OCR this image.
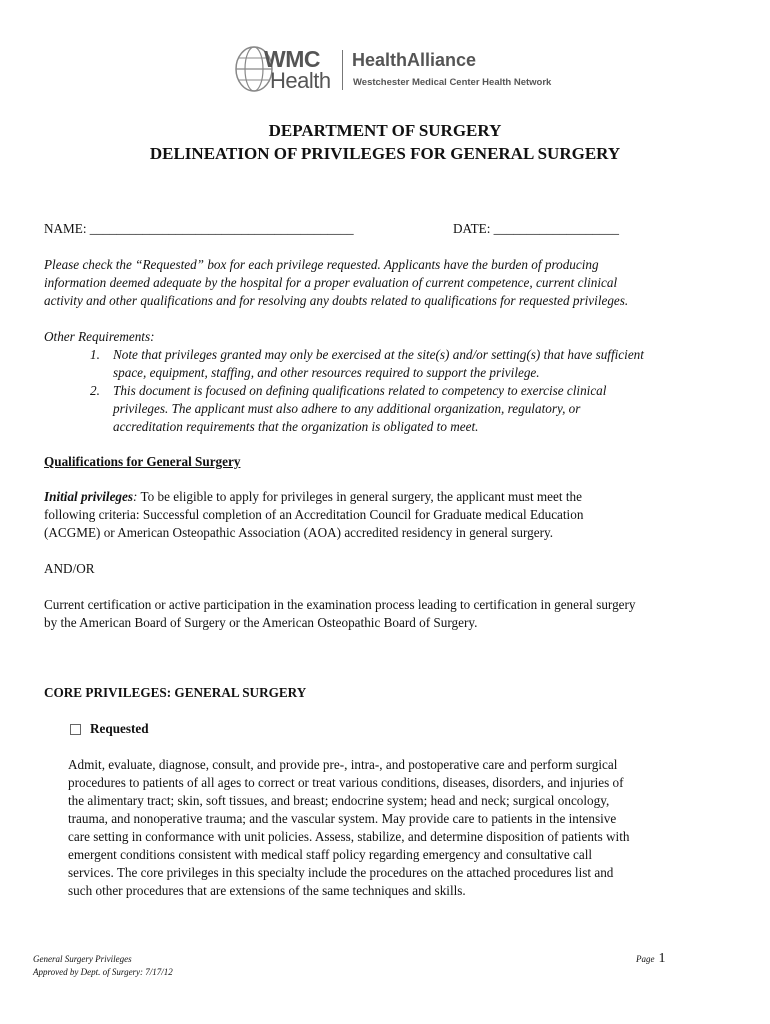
WMC
Health
HealthAlliance
Westchester Medical Center Health Network
DEPARTMENT OF SURGERY
DELINEATION OF PRIVILEGES FOR GENERAL SURGERY
NAME: ________________________________________	DATE: ___________________
Please check the “Requested” box for each privilege requested. Applicants have the burden of producing
information deemed adequate by the hospital for a proper evaluation of current competence, current clinical
activity and other qualifications and for resolving any doubts related to qualifications for requested privileges.
Other Requirements:
1. Note that privileges granted may only be exercised at the site(s) and/or setting(s) that have sufficient
space, equipment, staffing, and other resources required to support the privilege.
2. This document is focused on defining qualifications related to competency to exercise clinical
privileges. The applicant must also adhere to any additional organization, regulatory, or
accreditation requirements that the organization is obligated to meet.
Qualifications for General Surgery
Initial privileges: To be eligible to apply for privileges in general surgery, the applicant must meet the
following criteria: Successful completion of an Accreditation Council for Graduate medical Education
(ACGME) or American Osteopathic Association (AOA) accredited residency in general surgery.
AND/OR
Current certification or active participation in the examination process leading to certification in general surgery
by the American Board of Surgery or the American Osteopathic Board of Surgery.
CORE PRIVILEGES: GENERAL SURGERY
Requested
Admit, evaluate, diagnose, consult, and provide pre-, intra-, and postoperative care and perform surgical
procedures to patients of all ages to correct or treat various conditions, diseases, disorders, and injuries of
the alimentary tract; skin, soft tissues, and breast; endocrine system; head and neck; surgical oncology,
trauma, and nonoperative trauma; and the vascular system. May provide care to patients in the intensive
care setting in conformance with unit policies. Assess, stabilize, and determine disposition of patients with
emergent conditions consistent with medical staff policy regarding emergency and consultative call
services. The core privileges in this specialty include the procedures on the attached procedures list and
such other procedures that are extensions of the same techniques and skills.
General Surgery Privileges
Approved by Dept. of Surgery: 7/17/12
Page 1
